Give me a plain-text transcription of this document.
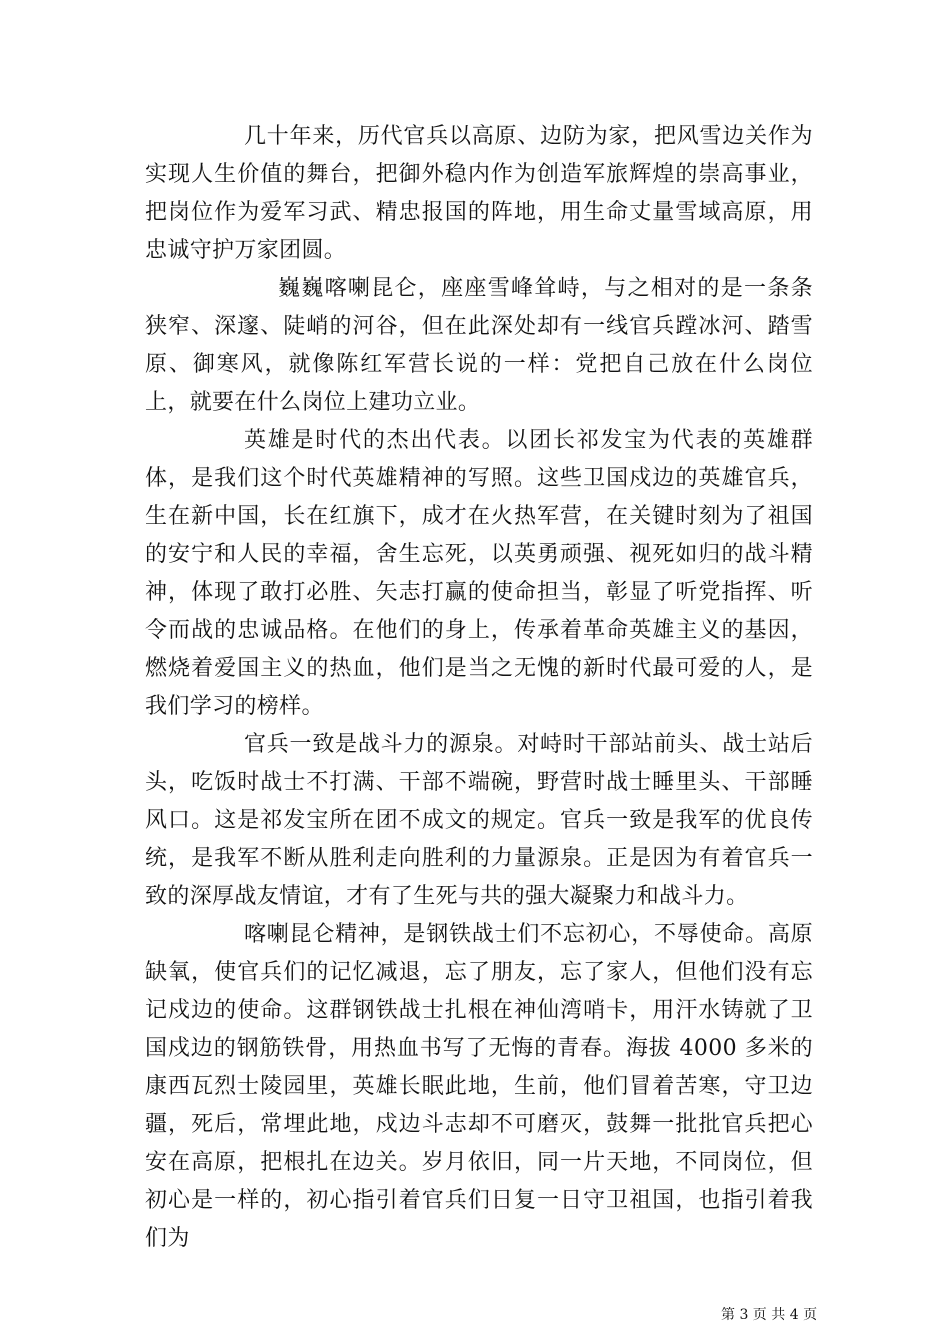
几十年来，历代官兵以高原、边防为家，把风雪边关作为实现人生价值的舞台，把御外稳内作为创造军旅辉煌的崇高事业，把岗位作为爱军习武、精忠报国的阵地，用生命丈量雪域高原，用忠诚守护万家团圆。

巍巍喀喇昆仑，座座雪峰耸峙，与之相对的是一条条狭窄、深邃、陡峭的河谷，但在此深处却有一线官兵蹚冰河、踏雪原、御寒风，就像陈红军营长说的一样：党把自己放在什么岗位上，就要在什么岗位上建功立业。

英雄是时代的杰出代表。以团长祁发宝为代表的英雄群体，是我们这个时代英雄精神的写照。这些卫国戍边的英雄官兵，生在新中国，长在红旗下，成才在火热军营，在关键时刻为了祖国的安宁和人民的幸福，舍生忘死，以英勇顽强、视死如归的战斗精神，体现了敢打必胜、矢志打赢的使命担当，彰显了听党指挥、听令而战的忠诚品格。在他们的身上，传承着革命英雄主义的基因，燃烧着爱国主义的热血，他们是当之无愧的新时代最可爱的人，是我们学习的榜样。

官兵一致是战斗力的源泉。对峙时干部站前头、战士站后头，吃饭时战士不打满、干部不端碗，野营时战士睡里头、干部睡风口。这是祁发宝所在团不成文的规定。官兵一致是我军的优良传统，是我军不断从胜利走向胜利的力量源泉。正是因为有着官兵一致的深厚战友情谊，才有了生死与共的强大凝聚力和战斗力。

喀喇昆仑精神，是钢铁战士们不忘初心，不辱使命。高原缺氧，使官兵们的记忆减退，忘了朋友，忘了家人，但他们没有忘记戍边的使命。这群钢铁战士扎根在神仙湾哨卡，用汗水铸就了卫国戍边的钢筋铁骨，用热血书写了无悔的青春。海拔 4000 多米的康西瓦烈士陵园里，英雄长眠此地，生前，他们冒着苦寒，守卫边疆，死后，常埋此地，戍边斗志却不可磨灭，鼓舞一批批官兵把心安在高原，把根扎在边关。岁月依旧，同一片天地，不同岗位，但初心是一样的，初心指引着官兵们日复一日守卫祖国，也指引着我们为

第 3 页 共 4 页
